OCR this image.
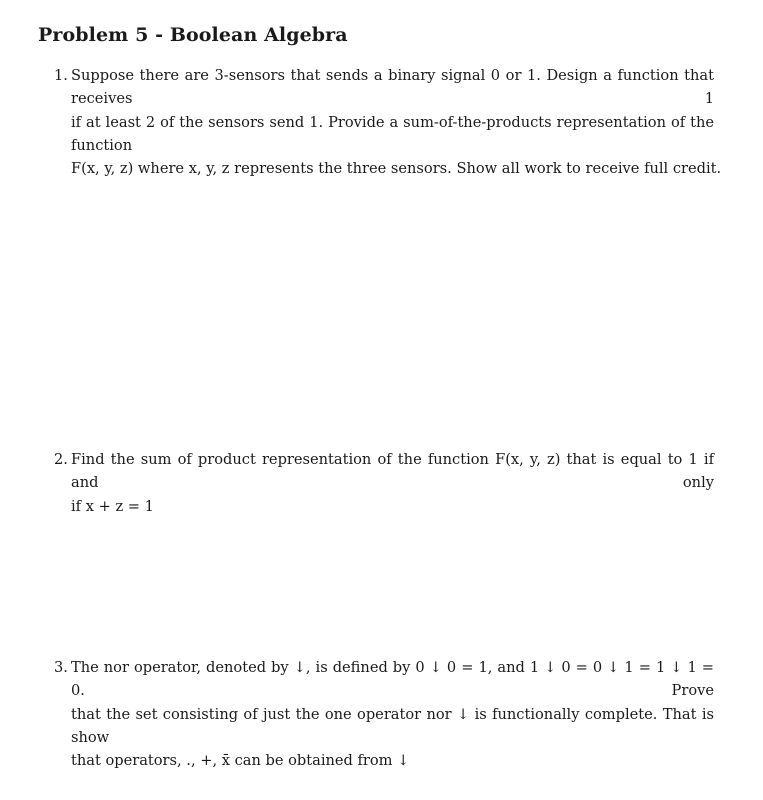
Problem 5 - Boolean Algebra
1. Suppose there are 3-sensors that sends a binary signal 0 or 1. Design a function that receives 1
if at least 2 of the sensors send 1. Provide a sum-of-the-products representation of the function
F(x, y, z) where x, y, z represents the three sensors. Show all work to receive full credit.
2. Find the sum of product representation of the function F(x, y, z) that is equal to 1 if and only
if x + z = 1
3. The nor operator, denoted by ↓, is defined by 0 ↓ 0 = 1, and 1 ↓ 0 = 0 ↓ 1 = 1 ↓ 1 = 0. Prove
that the set consisting of just the one operator nor ↓ is functionally complete. That is show
that operators, ., +, x̄ can be obtained from ↓
